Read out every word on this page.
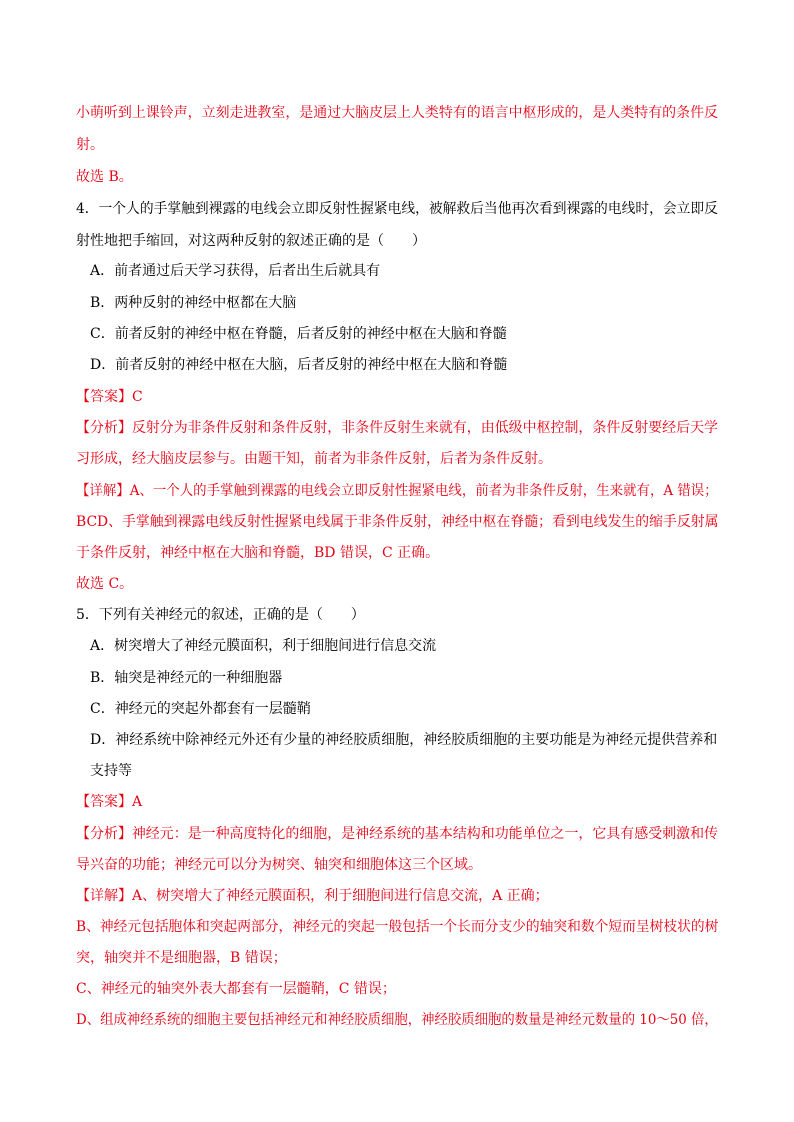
小萌听到上课铃声，立刻走进教室，是通过大脑皮层上人类特有的语言中枢形成的，是人类特有的条件反
射。
故选 B。
4．一个人的手掌触到裸露的电线会立即反射性握紧电线，被解救后当他再次看到裸露的电线时，会立即反
射性地把手缩回，对这两种反射的叙述正确的是（　　）
A．前者通过后天学习获得，后者出生后就具有
B．两种反射的神经中枢都在大脑
C．前者反射的神经中枢在脊髓，后者反射的神经中枢在大脑和脊髓
D．前者反射的神经中枢在大脑，后者反射的神经中枢在大脑和脊髓
【答案】C
【分析】反射分为非条件反射和条件反射，非条件反射生来就有，由低级中枢控制，条件反射要经后天学
习形成，经大脑皮层参与。由题干知，前者为非条件反射，后者为条件反射。
【详解】A、一个人的手掌触到裸露的电线会立即反射性握紧电线，前者为非条件反射，生来就有，A 错误；
BCD、手掌触到裸露电线反射性握紧电线属于非条件反射，神经中枢在脊髓；看到电线发生的缩手反射属
于条件反射，神经中枢在大脑和脊髓，BD 错误，C 正确。
故选 C。
5．下列有关神经元的叙述，正确的是（　　）
A．树突增大了神经元膜面积，利于细胞间进行信息交流
B．轴突是神经元的一种细胞器
C．神经元的突起外都套有一层髓鞘
D．神经系统中除神经元外还有少量的神经胶质细胞，神经胶质细胞的主要功能是为神经元提供营养和
支持等
【答案】A
【分析】神经元：是一种高度特化的细胞，是神经系统的基本结构和功能单位之一，它具有感受刺激和传
导兴奋的功能；神经元可以分为树突、轴突和细胞体这三个区域。
【详解】A、树突增大了神经元膜面积，利于细胞间进行信息交流，A 正确；
B、神经元包括胞体和突起两部分，神经元的突起一般包括一个长而分支少的轴突和数个短而呈树枝状的树
突，轴突并不是细胞器，B 错误；
C、神经元的轴突外表大都套有一层髓鞘，C 错误；
D、组成神经系统的细胞主要包括神经元和神经胶质细胞，神经胶质细胞的数量是神经元数量的 10～50 倍，
